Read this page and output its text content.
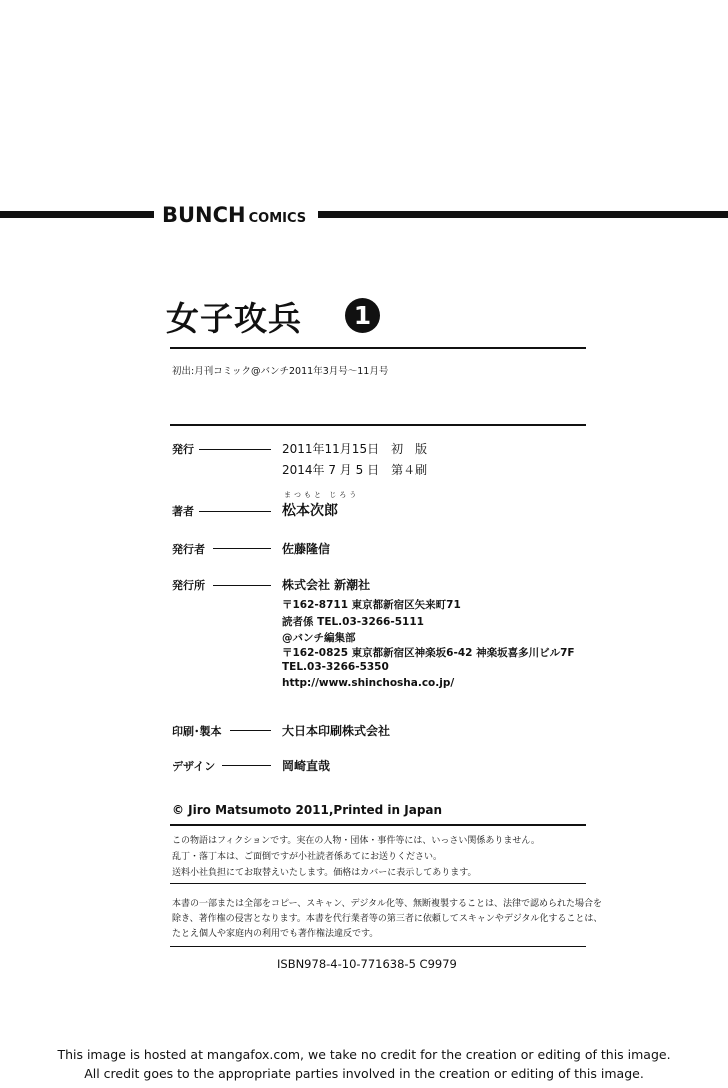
BUNCH COMICS
女子攻兵	1
初出:月刊コミック@バンチ2011年3月号〜11月号
発行	2011年11月15日　初　版
2014年 7 月 5 日　第４刷
まつもと じろう
著者	松本次郎
発行者	佐藤隆信
発行所	株式会社 新潮社
〒162-8711 東京都新宿区矢来町71
読者係 TEL.03-3266-5111
@バンチ編集部
〒162-0825 東京都新宿区神楽坂6-42 神楽坂喜多川ビル7F
TEL.03-3266-5350
http://www.shinchosha.co.jp/
印刷･製本	大日本印刷株式会社
デザイン	岡崎直哉
© Jiro Matsumoto 2011,Printed in Japan
この物語はフィクションです。実在の人物・団体・事件等には、いっさい関係ありません。
乱丁・落丁本は、ご面倒ですが小社読者係あてにお送りください。
送料小社負担にてお取替えいたします。価格はカバーに表示してあります。
本書の一部または全部をコピー、スキャン、デジタル化等、無断複製することは、法律で認められた場合を
除き、著作権の侵害となります。本書を代行業者等の第三者に依頼してスキャンやデジタル化することは、
たとえ個人や家庭内の利用でも著作権法違反です。
ISBN978-4-10-771638-5 C9979
This image is hosted at mangafox.com, we take no credit for the creation or editing of this image.
All credit goes to the appropriate parties involved in the creation or editing of this image.
